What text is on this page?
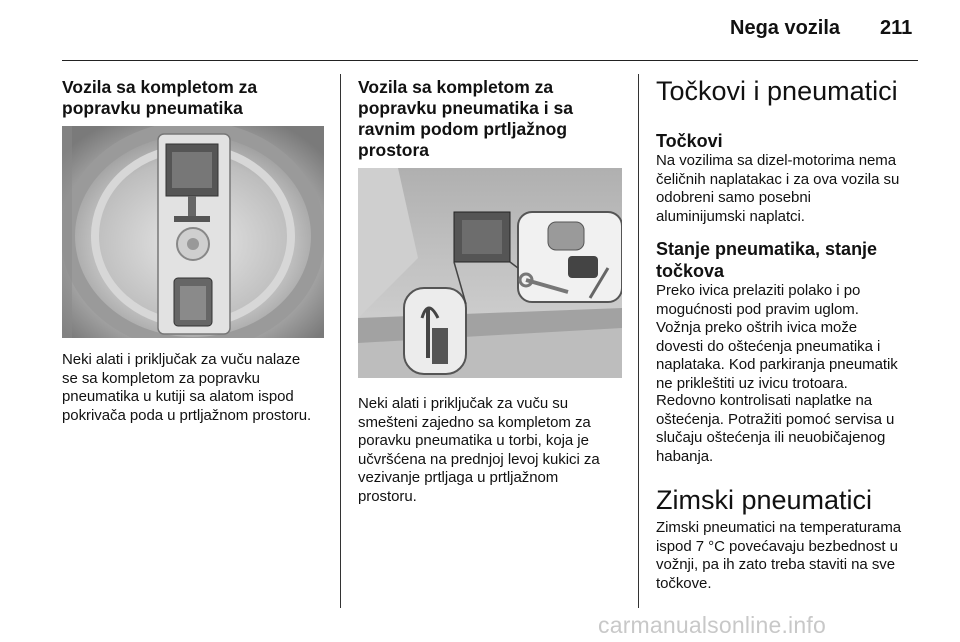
Nega vozila 211
Vozila sa kompletom za
popravku pneumatika

Neki alati i priključak za vuču nalaze
se sa kompletom za popravku
pneumatika u kutiji sa alatom ispod
pokrivača poda u prtljažnom prostoru.

Vozila sa kompletom za
popravku pneumatika i sa
ravnim podom prtljažnog
prostora

Neki alati i priključak za vuču su
smešteni zajedno sa kompletom za
poravku pneumatika u torbi, koja je
učvršćena na prednjoj levoj kukici za
vezivanje prtljaga u prtljažnom
prostoru.

Točkovi i pneumatici
Točkovi

Na vozilima sa dizel-motorima nema
čeličnih naplatakac i za ova vozila su
odobreni samo posebni
aluminijumski naplatci.

Stanje pneumatika, stanje
točkova

Preko ivica prelaziti polako i po
mogućnosti pod pravim uglom.
Vožnja preko oštrih ivica može
dovesti do oštećenja pneumatika i
naplataka. Kod parkiranja pneumatik
ne prikleštiti uz ivicu trotoara.

Redovno kontrolisati naplatke na
oštećenja. Potražiti pomoć servisa u
slučaju oštećenja ili neuobičajenog
habanja.

Zimski pneumatici

Zimski pneumatici na temperaturama
ispod 7 °C povećavaju bezbednost u
vožnji, pa ih zato treba staviti na sve
točkove.

carmanualsonline.info
